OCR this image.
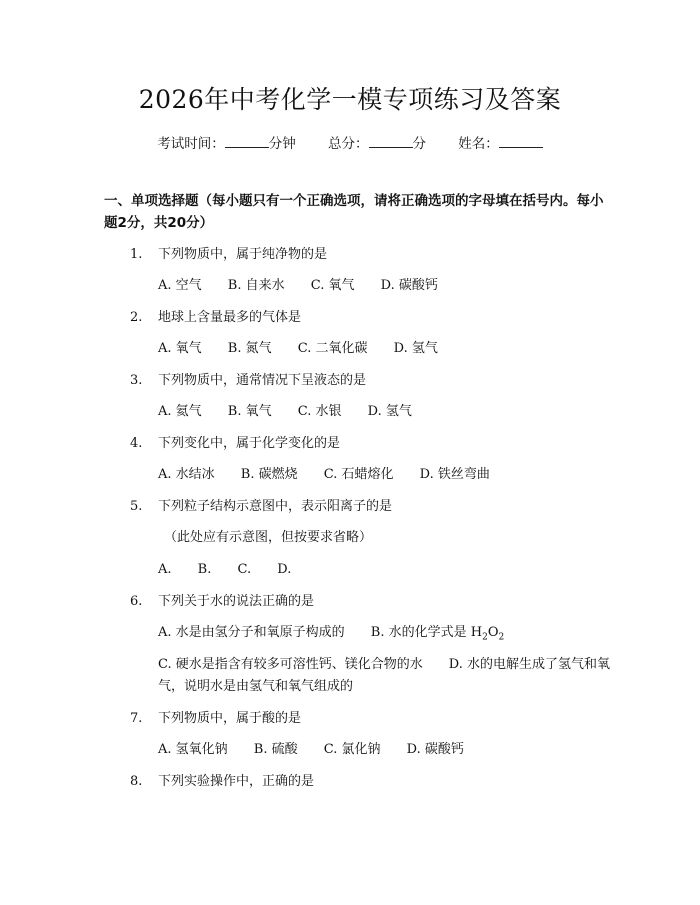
2026年中考化学一模专项练习及答案
考试时间：	分钟 总分：	分 姓名：
一、单项选择题（每小题只有一个正确选项，请将正确选项的字母填在括号内。每小题2分，共20分）
1. 下列物质中，属于纯净物的是
A. 空气 B. 自来水 C. 氧气 D. 碳酸钙
2. 地球上含量最多的气体是
A. 氧气 B. 氮气 C. 二氧化碳 D. 氢气
3. 下列物质中，通常情况下呈液态的是
A. 氦气 B. 氧气 C. 水银 D. 氢气
4. 下列变化中，属于化学变化的是
A. 水结冰 B. 碳燃烧 C. 石蜡熔化 D. 铁丝弯曲
5. 下列粒子结构示意图中，表示阳离子的是
（此处应有示意图，但按要求省略）
A. B. C. D.
6. 下列关于水的说法正确的是
A. 水是由氢分子和氧原子构成的 B. 水的化学式是 $H_2O_2$
C. 硬水是指含有较多可溶性钙、镁化合物的水　　D. 水的电解生成了氢气和氧气，说明水是由氢气和氧气组成的
7. 下列物质中，属于酸的是
A. 氢氧化钠 B. 硫酸 C. 氯化钠 D. 碳酸钙
8. 下列实验操作中，正确的是
